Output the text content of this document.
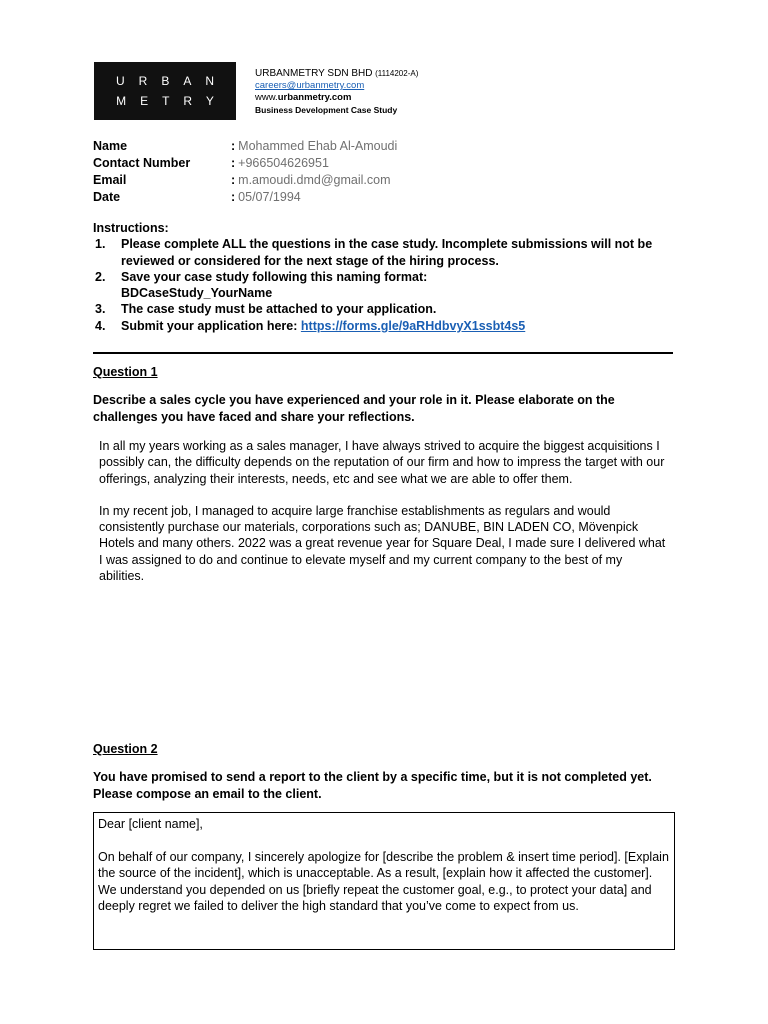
URBAN
METRY
URBANMETRY SDN BHD (1114202-A)
careers@urbanmetry.com
www.urbanmetry.com
Business Development Case Study
Name	: Mohammed Ehab Al-Amoudi
Contact Number	: +966504626951
Email	: m.amoudi.dmd@gmail.com
Date	: 05/07/1994
Instructions:
1.	Please complete ALL the questions in the case study. Incomplete submissions will not be reviewed or considered for the next stage of the hiring process.
2.	Save your case study following this naming format:
BDCaseStudy_YourName
3.	The case study must be attached to your application.
4.	Submit your application here: https://forms.gle/9aRHdbvyX1ssbt4s5
Question 1
Describe a sales cycle you have experienced and your role in it. Please elaborate on the challenges you have faced and share your reflections.

In all my years working as a sales manager, I have always strived to acquire the biggest acquisitions I possibly can, the difficulty depends on the reputation of our firm and how to impress the target with our offerings, analyzing their interests, needs, etc and see what we are able to offer them.

In my recent job, I managed to acquire large franchise establishments as regulars and would consistently purchase our materials, corporations such as; DANUBE, BIN LADEN CO, Mövenpick Hotels and many others. 2022 was a great revenue year for Square Deal, I made sure I delivered what I was assigned to do and continue to elevate myself and my current company to the best of my abilities.

Question 2
You have promised to send a report to the client by a specific time, but it is not completed yet. Please compose an email to the client.

Dear [client name],

On behalf of our company, I sincerely apologize for [describe the problem & insert time period]. [Explain the source of the incident], which is unacceptable. As a result, [explain how it affected the customer]. We understand you depended on us [briefly repeat the customer goal, e.g., to protect your data] and deeply regret we failed to deliver the high standard that you’ve come to expect from us.
